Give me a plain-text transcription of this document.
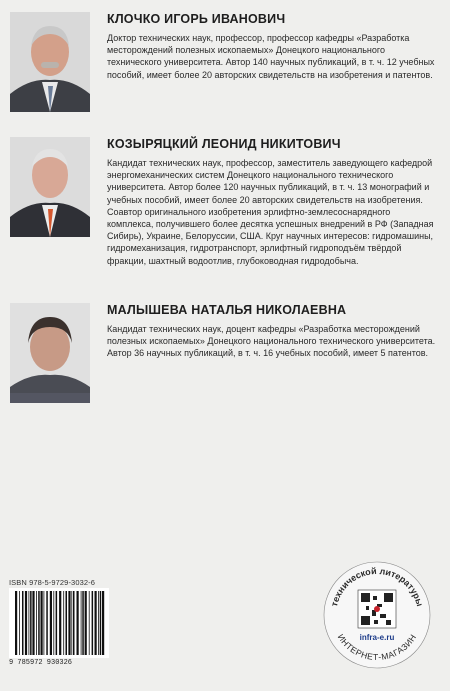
КЛОЧКО ИГОРЬ ИВАНОВИЧ

Доктор технических наук, профессор, профессор кафедры «Разработка месторождений полезных ископаемых» Донецкого национального технического университета. Автор 140 научных публикаций, в т. ч. 12 учебных пособий, имеет более 20 авторских свидетельств на изобретения и патентов.

КОЗЫРЯЦКИЙ ЛЕОНИД НИКИТОВИЧ

Кандидат технических наук, профессор, заместитель заведующего кафедрой энергомеханических систем Донецкого национального технического университета. Автор более 120 научных публикаций, в т. ч. 13 монографий и учебных пособий, имеет более 20 авторских свидетельств на изобретения. Соавтор оригинального изобретения эрлифтно-землесоснарядного комплекса, получившего более десятка успешных внедрений в РФ (Западная Сибирь), Украине, Белоруссии, США. Круг научных интересов: гидромашины, гидромеханизация, гидротранспорт, эрлифтный гидроподъём твёрдой фракции, шахтный водоотлив, глубоководная гидродобыча.

МАЛЫШЕВА НАТАЛЬЯ НИКОЛАЕВНА

Кандидат технических наук, доцент кафедры «Разработка месторождений полезных ископаемых» Донецкого национального технического университета. Автор 36 научных публикаций, в т. ч. 16 учебных пособий, имеет 5 патентов.

ISBN 978-5-9729-3032-6
9 785972 930326
технической литературы
ИНТЕРНЕТ-МАГАЗИН
infra-e.ru
